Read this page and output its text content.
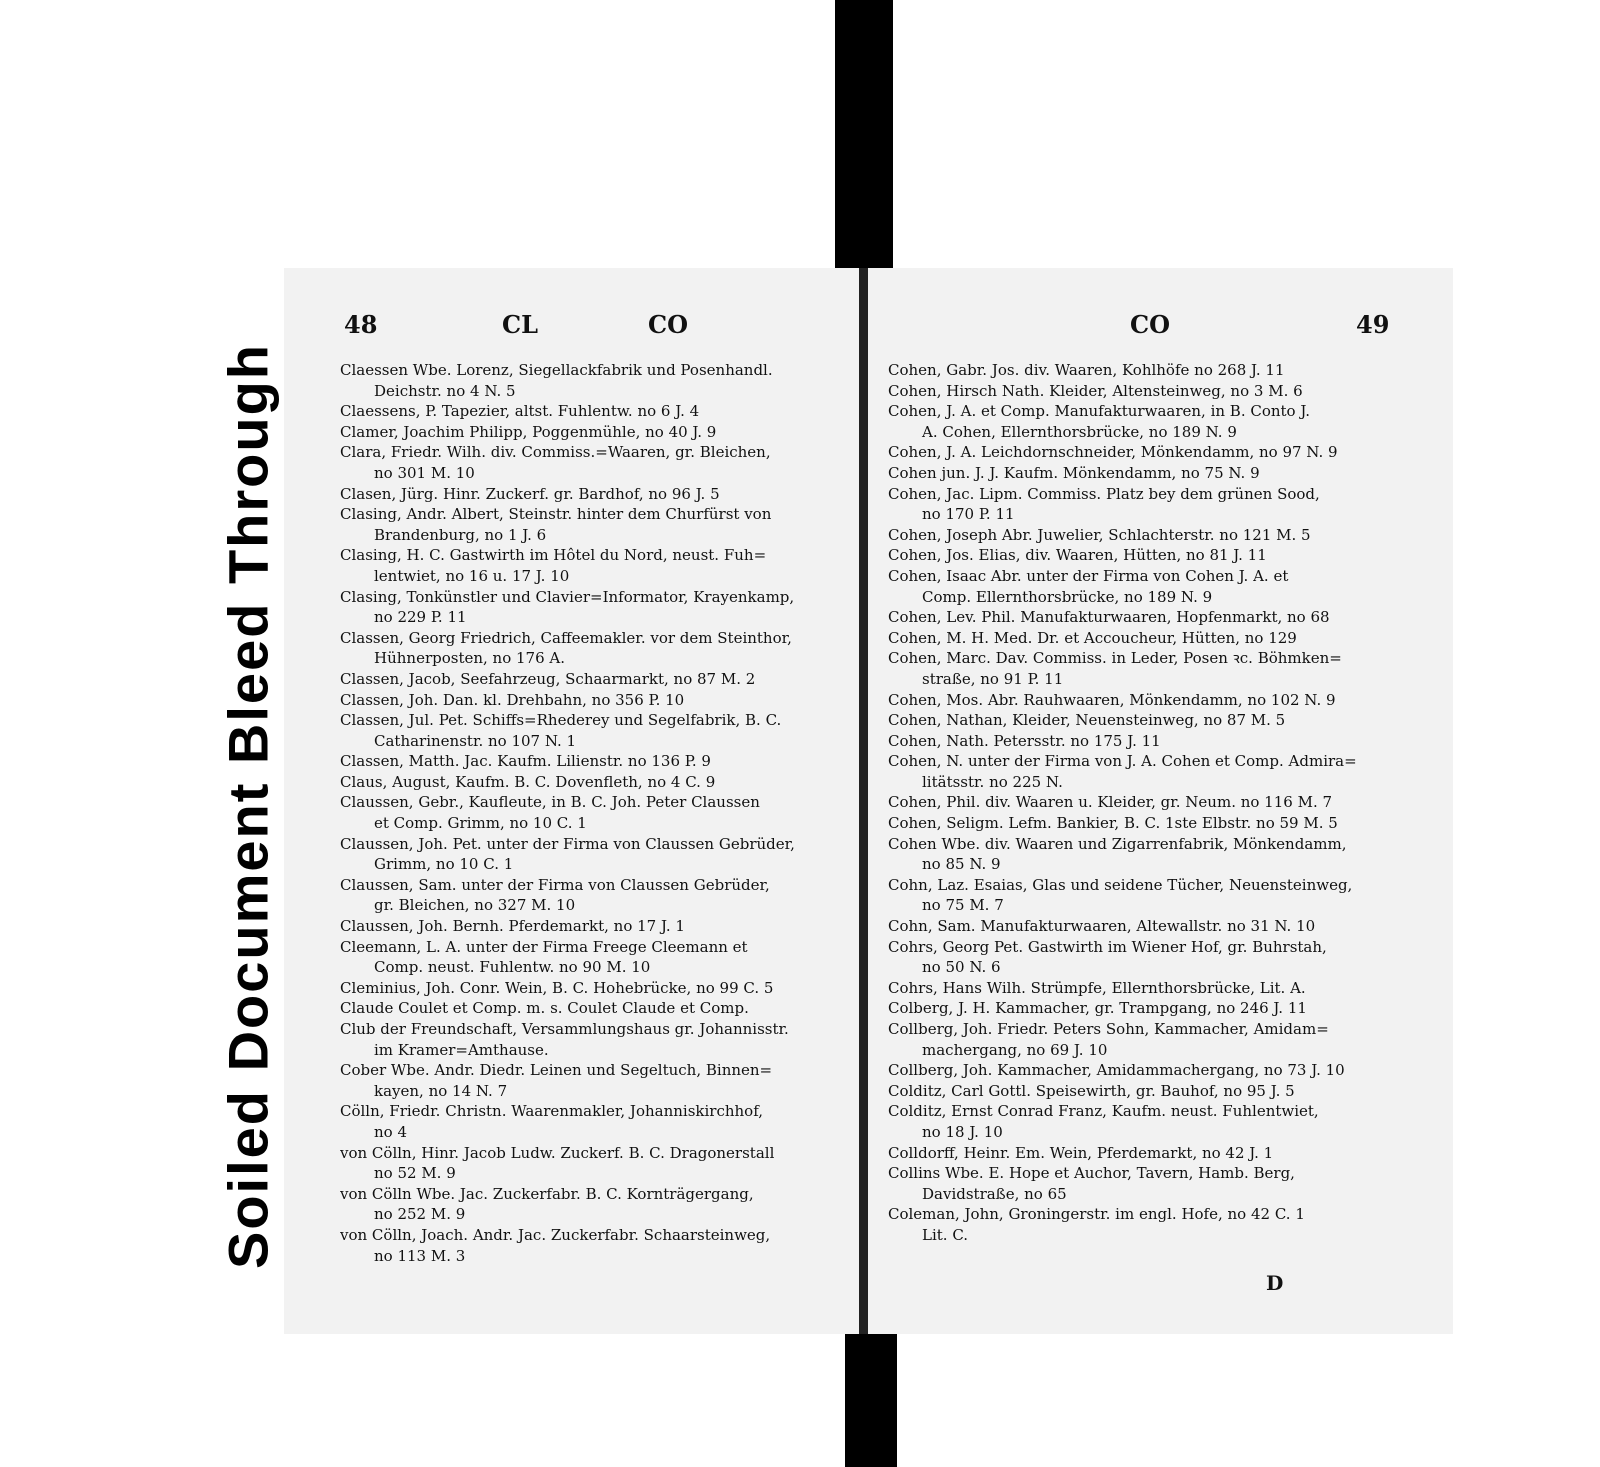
Soiled Document Bleed Through
48	CL	CO
Claessen Wbe. Lorenz, Siegellackfabrik und Posenhandl.
Deichstr. no 4 N. 5
Claessens, P. Tapezier, altst. Fuhlentw. no 6 J. 4
Clamer, Joachim Philipp, Poggenmühle, no 40 J. 9
Clara, Friedr. Wilh. div. Commiss.=Waaren, gr. Bleichen,
no 301 M. 10
Clasen, Jürg. Hinr. Zuckerf. gr. Bardhof, no 96 J. 5
Clasing, Andr. Albert, Steinstr. hinter dem Churfürst von
Brandenburg, no 1 J. 6
Clasing, H. C. Gastwirth im Hôtel du Nord, neust. Fuh=
lentwiet, no 16 u. 17 J. 10
Clasing, Tonkünstler und Clavier=Informator, Krayenkamp,
no 229 P. 11
Classen, Georg Friedrich, Caffeemakler. vor dem Steinthor,
Hühnerposten, no 176 A.
Classen, Jacob, Seefahrzeug, Schaarmarkt, no 87 M. 2
Classen, Joh. Dan. kl. Drehbahn, no 356 P. 10
Classen, Jul. Pet. Schiffs=Rhederey und Segelfabrik, B. C.
Catharinenstr. no 107 N. 1
Classen, Matth. Jac. Kaufm. Lilienstr. no 136 P. 9
Claus, August, Kaufm. B. C. Dovenfleth, no 4 C. 9
Claussen, Gebr., Kaufleute, in B. C. Joh. Peter Claussen
et Comp. Grimm, no 10 C. 1
Claussen, Joh. Pet. unter der Firma von Claussen Gebrüder,
Grimm, no 10 C. 1
Claussen, Sam. unter der Firma von Claussen Gebrüder,
gr. Bleichen, no 327 M. 10
Claussen, Joh. Bernh. Pferdemarkt, no 17 J. 1
Cleemann, L. A. unter der Firma Freege Cleemann et
Comp. neust. Fuhlentw. no 90 M. 10
Cleminius, Joh. Conr. Wein, B. C. Hohebrücke, no 99 C. 5
Claude Coulet et Comp. m. s. Coulet Claude et Comp.
Club der Freundschaft, Versammlungshaus gr. Johannisstr.
im Kramer=Amthause.
Cober Wbe. Andr. Diedr. Leinen und Segeltuch, Binnen=
kayen, no 14 N. 7
Cölln, Friedr. Christn. Waarenmakler, Johanniskirchhof,
no 4
von Cölln, Hinr. Jacob Ludw. Zuckerf. B. C. Dragonerstall
no 52 M. 9
von Cölln Wbe. Jac. Zuckerfabr. B. C. Kornträgergang,
no 252 M. 9
von Cölln, Joach. Andr. Jac. Zuckerfabr. Schaarsteinweg,
no 113 M. 3
CO	49
Cohen, Gabr. Jos. div. Waaren, Kohlhöfe no 268 J. 11
Cohen, Hirsch Nath. Kleider, Altensteinweg, no 3 M. 6
Cohen, J. A. et Comp. Manufakturwaaren, in B. Conto J.
A. Cohen, Ellernthorsbrücke, no 189 N. 9
Cohen, J. A. Leichdornschneider, Mönkendamm, no 97 N. 9
Cohen jun. J. J. Kaufm. Mönkendamm, no 75 N. 9
Cohen, Jac. Lipm. Commiss. Platz bey dem grünen Sood,
no 170 P. 11
Cohen, Joseph Abr. Juwelier, Schlachterstr. no 121 M. 5
Cohen, Jos. Elias, div. Waaren, Hütten, no 81 J. 11
Cohen, Isaac Abr. unter der Firma von Cohen J. A. et
Comp. Ellernthorsbrücke, no 189 N. 9
Cohen, Lev. Phil. Manufakturwaaren, Hopfenmarkt, no 68
Cohen, M. H. Med. Dr. et Accoucheur, Hütten, no 129
Cohen, Marc. Dav. Commiss. in Leder, Posen ꝛc. Böhmken=
straße, no 91 P. 11
Cohen, Mos. Abr. Rauhwaaren, Mönkendamm, no 102 N. 9
Cohen, Nathan, Kleider, Neuensteinweg, no 87 M. 5
Cohen, Nath. Petersstr. no 175 J. 11
Cohen, N. unter der Firma von J. A. Cohen et Comp. Admira=
litätsstr. no 225 N.
Cohen, Phil. div. Waaren u. Kleider, gr. Neum. no 116 M. 7
Cohen, Seligm. Lefm. Bankier, B. C. 1ste Elbstr. no 59 M. 5
Cohen Wbe. div. Waaren und Zigarrenfabrik, Mönkendamm,
no 85 N. 9
Cohn, Laz. Esaias, Glas und seidene Tücher, Neuensteinweg,
no 75 M. 7
Cohn, Sam. Manufakturwaaren, Altewallstr. no 31 N. 10
Cohrs, Georg Pet. Gastwirth im Wiener Hof, gr. Buhrstah,
no 50 N. 6
Cohrs, Hans Wilh. Strümpfe, Ellernthorsbrücke, Lit. A.
Colberg, J. H. Kammacher, gr. Trampgang, no 246 J. 11
Collberg, Joh. Friedr. Peters Sohn, Kammacher, Amidam=
machergang, no 69 J. 10
Collberg, Joh. Kammacher, Amidammachergang, no 73 J. 10
Colditz, Carl Gottl. Speisewirth, gr. Bauhof, no 95 J. 5
Colditz, Ernst Conrad Franz, Kaufm. neust. Fuhlentwiet,
no 18 J. 10
Colldorff, Heinr. Em. Wein, Pferdemarkt, no 42 J. 1
Collins Wbe. E. Hope et Auchor, Tavern, Hamb. Berg,
Davidstraße, no 65
Coleman, John, Groningerstr. im engl. Hofe, no 42 C. 1
Lit. C.
D
